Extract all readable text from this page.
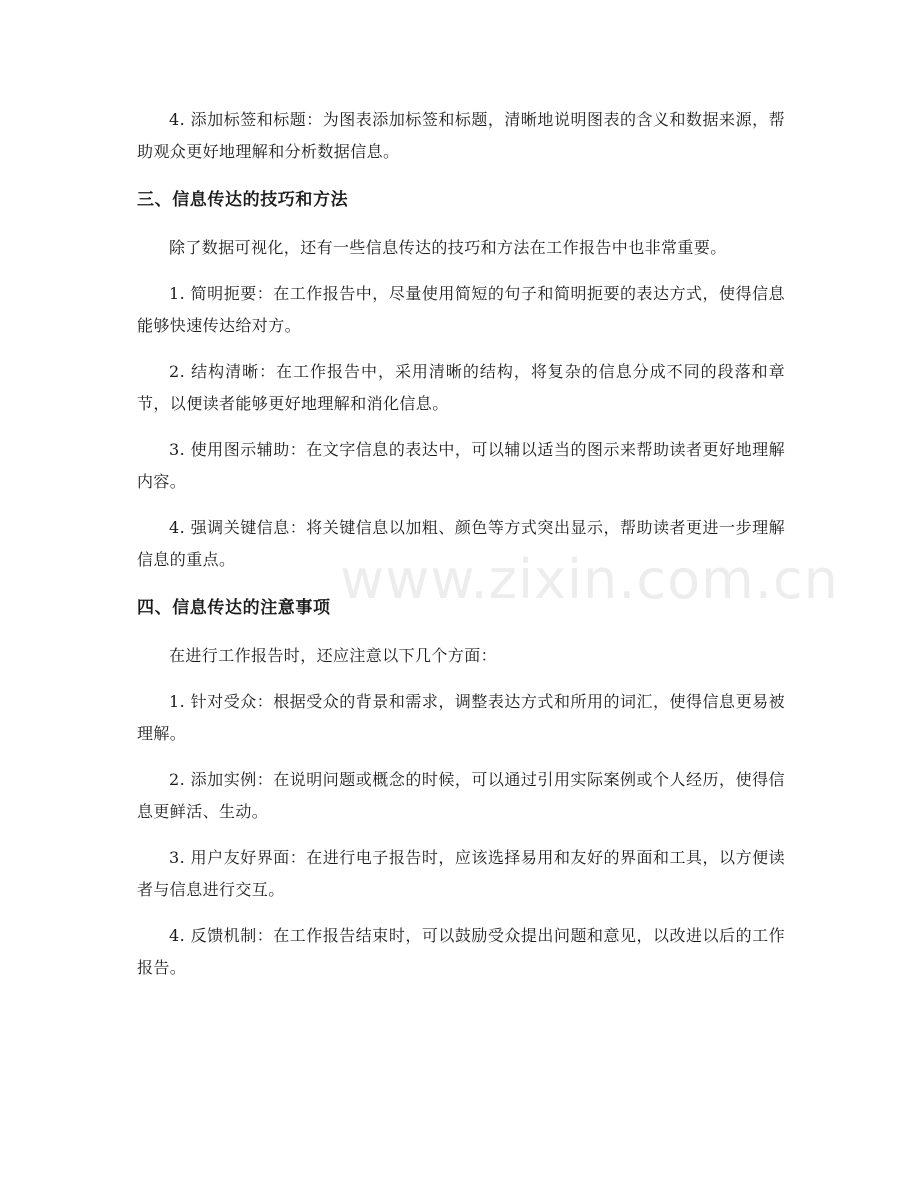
4. 添加标签和标题：为图表添加标签和标题，清晰地说明图表的含义和数据来源，帮助观众更好地理解和分析数据信息。

三、信息传达的技巧和方法

除了数据可视化，还有一些信息传达的技巧和方法在工作报告中也非常重要。

1. 简明扼要：在工作报告中，尽量使用简短的句子和简明扼要的表达方式，使得信息能够快速传达给对方。

2. 结构清晰：在工作报告中，采用清晰的结构，将复杂的信息分成不同的段落和章节，以便读者能够更好地理解和消化信息。

3. 使用图示辅助：在文字信息的表达中，可以辅以适当的图示来帮助读者更好地理解内容。

4. 强调关键信息：将关键信息以加粗、颜色等方式突出显示，帮助读者更进一步理解信息的重点。

四、信息传达的注意事项

在进行工作报告时，还应注意以下几个方面：

1. 针对受众：根据受众的背景和需求，调整表达方式和所用的词汇，使得信息更易被理解。

2. 添加实例：在说明问题或概念的时候，可以通过引用实际案例或个人经历，使得信息更鲜活、生动。

3. 用户友好界面：在进行电子报告时，应该选择易用和友好的界面和工具，以方便读者与信息进行交互。

4. 反馈机制：在工作报告结束时，可以鼓励受众提出问题和意见，以改进以后的工作报告。

www.zixin.com.cn
